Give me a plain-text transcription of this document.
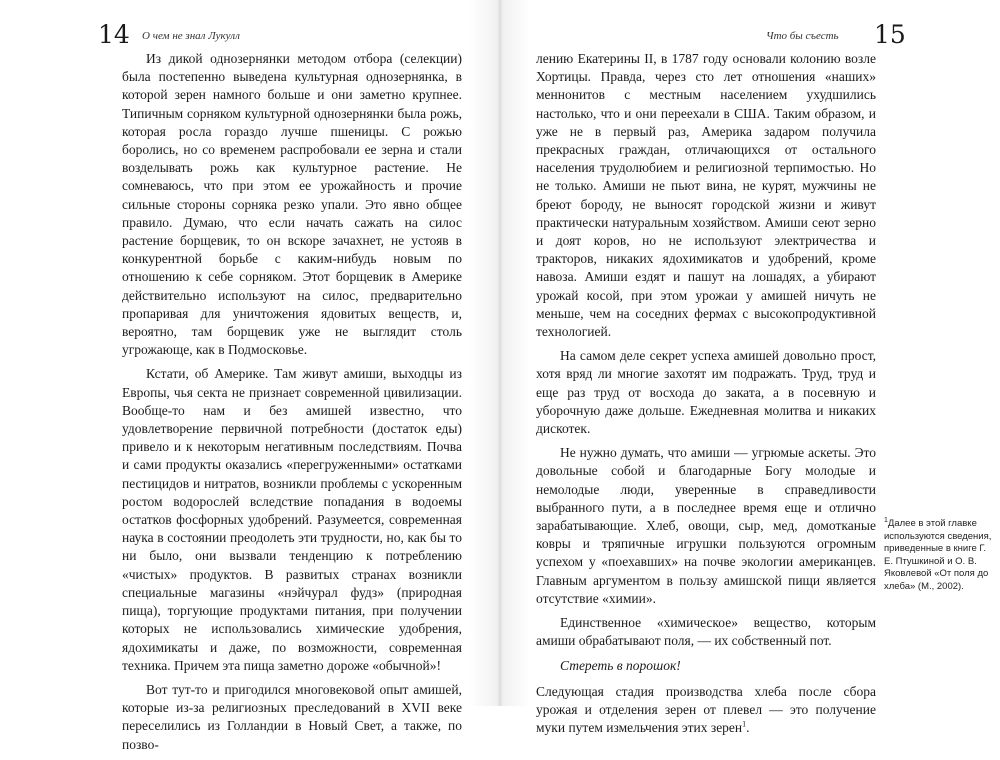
14 О чем не знал Лукулл

Из дикой однозернянки методом отбора (селекции) была постепенно выведена культурная однозернянка, в которой зерен намного больше и они заметно крупнее. Типичным сорняком культурной однозернянки была рожь, которая росла гораздо лучше пшеницы. С рожью боролись, но со временем распробовали ее зерна и стали возделывать рожь как культурное растение. Не сомневаюсь, что при этом ее урожайность и прочие сильные стороны сорняка резко упали. Это явно общее правило. Думаю, что если начать сажать на силос растение борщевик, то он вскоре зачахнет, не устояв в конкурентной борьбе с каким-нибудь новым по отношению к себе сорняком. Этот борщевик в Америке действительно используют на силос, предварительно пропаривая для уничтожения ядовитых веществ, и, вероятно, там борщевик уже не выглядит столь угрожающе, как в Подмосковье.

Кстати, об Америке. Там живут амиши, выходцы из Европы, чья секта не признает современной цивилизации. Вообще-то нам и без амишей известно, что удовлетворение первичной потребности (достаток еды) привело и к некоторым негативным последствиям. Почва и сами продукты оказались «перегруженными» остатками пестицидов и нитратов, возникли проблемы с ускоренным ростом водорослей вследствие попадания в водоемы остатков фосфорных удобрений. Разумеется, современная наука в состоянии преодолеть эти трудности, но, как бы то ни было, они вызвали тенденцию к потреблению «чистых» продуктов. В развитых странах возникли специальные магазины «нэйчурал фудз» (природная пища), торгующие продуктами питания, при получении которых не использовались химические удобрения, ядохимикаты и даже, по возможности, современная техника. Причем эта пища заметно дороже «обычной»!

Вот тут-то и пригодился многовековой опыт амишей, которые из-за религиозных преследований в XVII веке переселились из Голландии в Новый Свет, а также, по позво-

Что бы съесть 15

лению Екатерины II, в 1787 году основали колонию возле Хортицы. Правда, через сто лет отношения «наших» меннонитов с местным населением ухудшились настолько, что и они переехали в США. Таким образом, и уже не в первый раз, Америка задаром получила прекрасных граждан, отличающихся от остального населения трудолюбием и религиозной терпимостью. Но не только. Амиши не пьют вина, не курят, мужчины не бреют бороду, не выносят городской жизни и живут практически натуральным хозяйством. Амиши сеют зерно и доят коров, но не используют электричества и тракторов, никаких ядохимикатов и удобрений, кроме навоза. Амиши ездят и пашут на лошадях, а убирают урожай косой, при этом урожаи у амишей ничуть не меньше, чем на соседних фермах с высокопродуктивной технологией.

На самом деле секрет успеха амишей довольно прост, хотя вряд ли многие захотят им подражать. Труд, труд и еще раз труд от восхода до заката, а в посевную и уборочную даже дольше. Ежедневная молитва и никаких дискотек.

Не нужно думать, что амиши — угрюмые аскеты. Это довольные собой и благодарные Богу молодые и немолодые люди, уверенные в справедливости выбранного пути, а в последнее время еще и отлично зарабатывающие. Хлеб, овощи, сыр, мед, домотканые ковры и тряпичные игрушки пользуются огромным успехом у «поехавших» на почве экологии американцев. Главным аргументом в пользу амишской пищи является отсутствие «химии».

Единственное «химическое» вещество, которым амиши обрабатывают поля, — их собственный пот.

Стереть в порошок!

Следующая стадия производства хлеба после сбора урожая и отделения зерен от плевел — это получение муки путем измельчения этих зерен$^1$.

$^1$Далее в этой главке используются сведения, приведенные в книге Г. Е. Птушкиной и О. В. Яковлевой «От поля до хлеба» (М., 2002).
